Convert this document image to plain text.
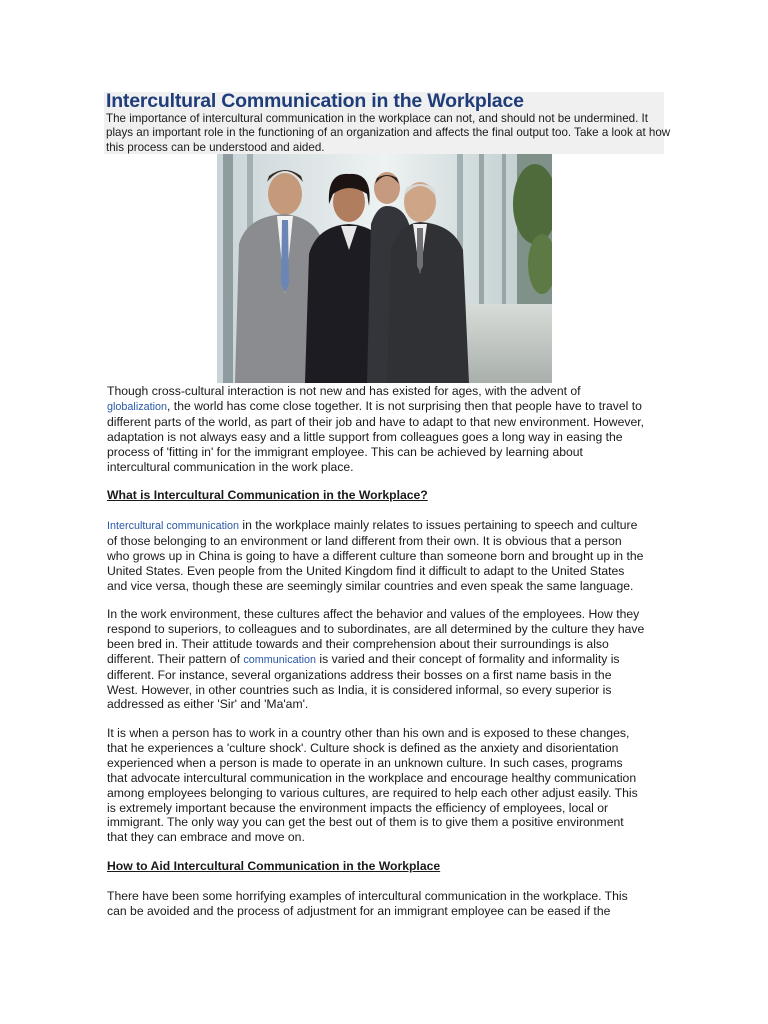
Intercultural Communication in the Workplace

The importance of intercultural communication in the workplace can not, and should not be undermined. It
plays an important role in the functioning of an organization and affects the final output too. Take a look at how
this process can be understood and aided.

Though cross-cultural interaction is not new and has existed for ages, with the advent of
globalization, the world has come close together. It is not surprising then that people have to travel to
different parts of the world, as part of their job and have to adapt to that new environment. However,
adaptation is not always easy and a little support from colleagues goes a long way in easing the
process of 'fitting in' for the immigrant employee. This can be achieved by learning about
intercultural communication in the work place.
What is Intercultural Communication in the Workplace?
Intercultural communication in the workplace mainly relates to issues pertaining to speech and culture
of those belonging to an environment or land different from their own. It is obvious that a person
who grows up in China is going to have a different culture than someone born and brought up in the
United States. Even people from the United Kingdom find it difficult to adapt to the United States
and vice versa, though these are seemingly similar countries and even speak the same language.
In the work environment, these cultures affect the behavior and values of the employees. How they
respond to superiors, to colleagues and to subordinates, are all determined by the culture they have
been bred in. Their attitude towards and their comprehension about their surroundings is also
different. Their pattern of communication is varied and their concept of formality and informality is
different. For instance, several organizations address their bosses on a first name basis in the
West. However, in other countries such as India, it is considered informal, so every superior is
addressed as either 'Sir' and 'Ma'am'.
It is when a person has to work in a country other than his own and is exposed to these changes,
that he experiences a 'culture shock'. Culture shock is defined as the anxiety and disorientation
experienced when a person is made to operate in an unknown culture. In such cases, programs
that advocate intercultural communication in the workplace and encourage healthy communication
among employees belonging to various cultures, are required to help each other adjust easily. This
is extremely important because the environment impacts the efficiency of employees, local or
immigrant. The only way you can get the best out of them is to give them a positive environment
that they can embrace and move on.
How to Aid Intercultural Communication in the Workplace
There have been some horrifying examples of intercultural communication in the workplace. This
can be avoided and the process of adjustment for an immigrant employee can be eased if the
